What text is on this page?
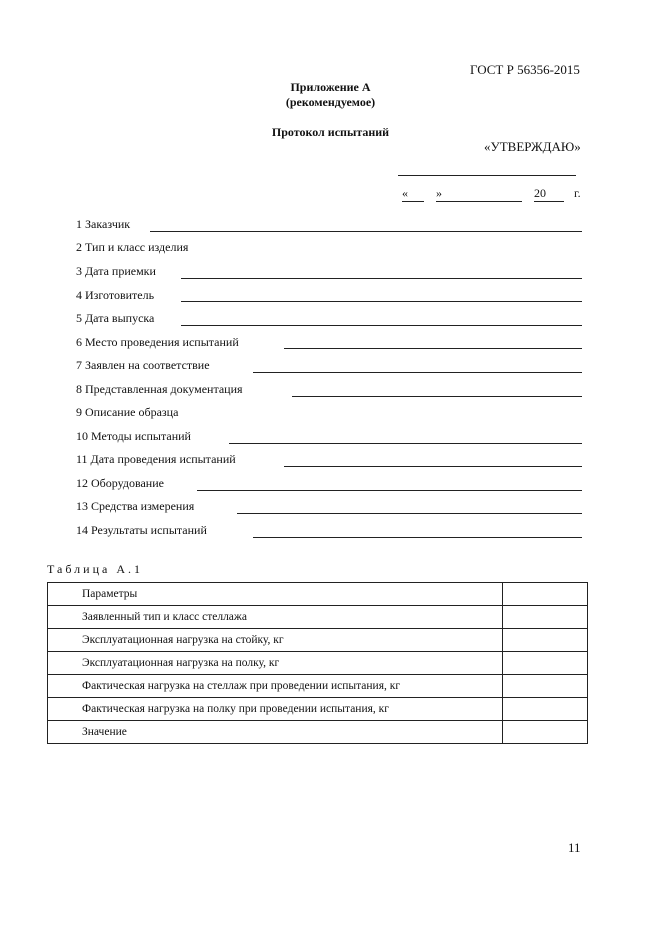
ГОСТ Р 56356-2015
Приложение А
(рекомендуемое)
Протокол испытаний
«УТВЕРЖДАЮ»
«	»	20	г.
1 Заказчик
2 Тип и класс изделия
3 Дата приемки
4 Изготовитель
5 Дата выпуска
6 Место проведения испытаний
7 Заявлен на соответствие
8 Представленная документация
9 Описание образца
10 Методы испытаний
11 Дата проведения испытаний
12 Оборудование
13 Средства измерения
14 Результаты испытаний
Таблица А.1
Параметры	
Заявленный тип и класс стеллажа	
Эксплуатационная нагрузка на стойку, кг	
Эксплуатационная нагрузка на полку, кг	
Фактическая нагрузка на стеллаж при проведении испытания, кг	
Фактическая нагрузка на полку при проведении испытания, кг	
Значение	
11
